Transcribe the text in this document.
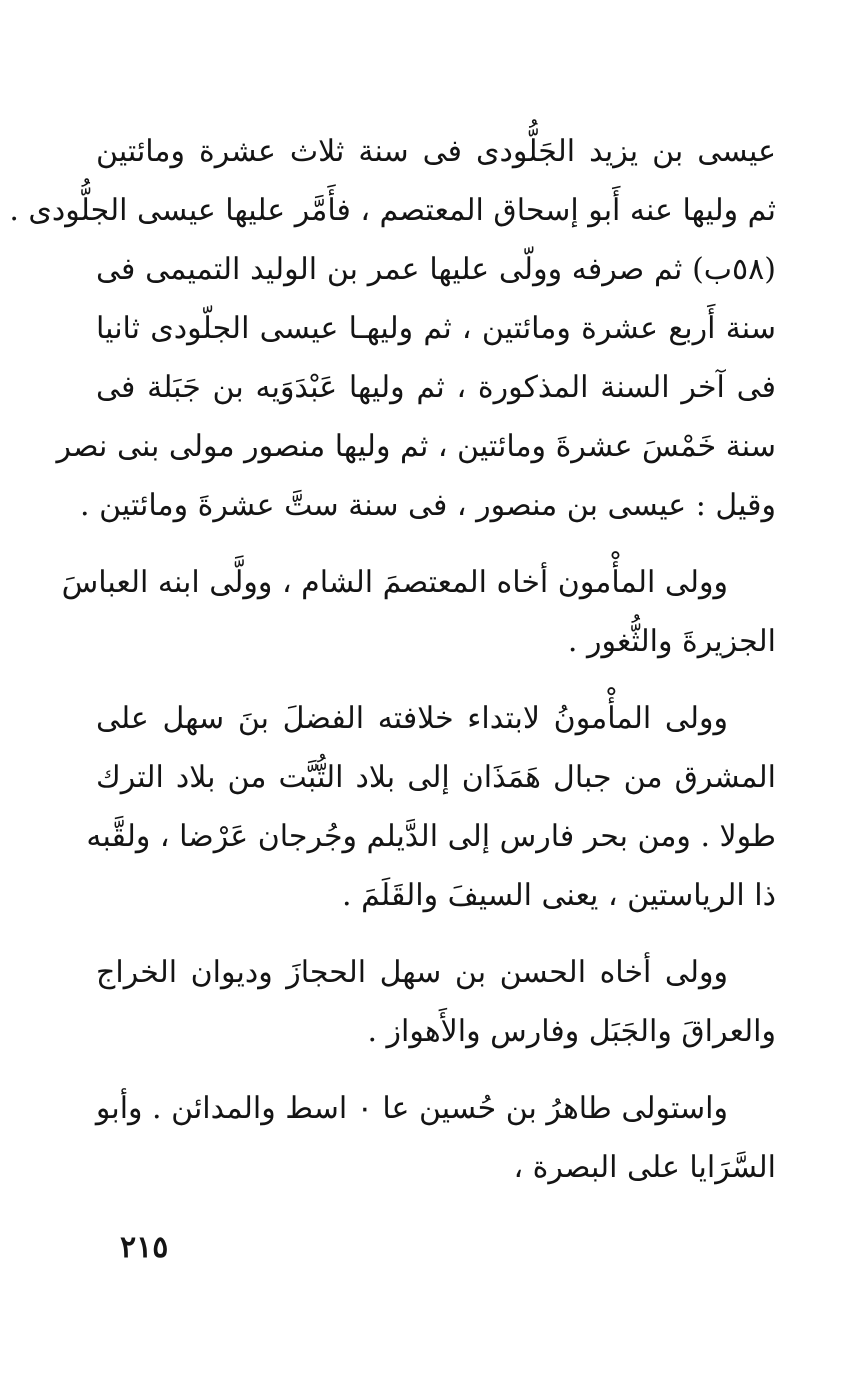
عيسى بن يزيد الجَلُّودى فى سنة ثلاث عشرة ومائتين
ثم وليها عنه أَبو إسحاق المعتصم ، فأَمَّر عليها عيسى الجلُّودى .
(٥٨ب) ثم صرفه وولّى عليها عمر بن الوليد التميمى فى
سنة أَربع عشرة ومائتين ، ثم وليهـا عيسى الجلّودى ثانيا
فى آخر السنة المذكورة ، ثم وليها عَبْدَوَيه بن جَبَلة فى
سنة خَمْسَ عشرةَ ومائتين ، ثم وليها منصور مولى بنى نصر
وقيل : عيسى بن منصور ، فى سنة ستَّ عشرةَ ومائتين .
وولى المأْمون أخاه المعتصمَ الشام ، وولَّى ابنه العباسَ
الجزيرةَ والثُّغور .
وولى المأْمونُ لابتداء خلافته الفضلَ بنَ سهل على
المشرق من جبال هَمَذَان إلى بلاد التُّبَّت من بلاد الترك
طولا . ومن بحر فارس إلى الدَّيلم وجُرجان عَرْضا ، ولقَّبه
ذا الرياستين ، يعنى السيفَ والقَلَمَ .
وولى أخاه الحسن بن سهل الحجازَ وديوان الخراج
والعراقَ والجَبَل وفارس والأَهواز .
واستولى طاهرُ بن حُسين عا ٠ اسط والمدائن . وأبو
السَّرَايا على البصرة ،
٢١٥
